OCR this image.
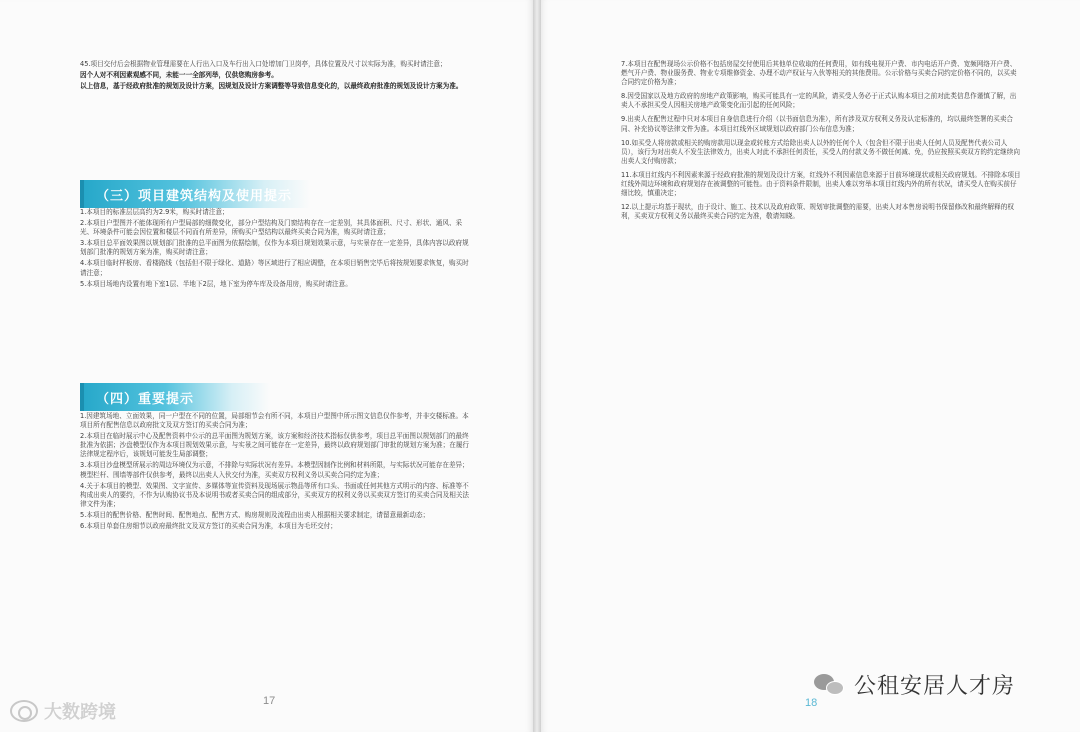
45.项目交付后会根据物业管理需要在人行出入口及车行出入口处增加门卫岗亭，具体位置及尺寸以实际为准，购买时请注意；

因个人对不利因素观感不同，未能一一全部列举，仅供您购房参考。

以上信息，基于经政府批准的规划及设计方案，因规划及设计方案调整等导致信息变化的，以最终政府批准的规划及设计方案为准。

（三）项目建筑结构及使用提示

1.本项目的标准层层高约为2.9米，购买时请注意；

2.本项目户型图并不能体现所有户型局部的细微变化，部分户型结构及门窗结构存在一定差别，其具体面积、尺寸、形状、通风、采光、环境条件可能会因位置和楼层不同而有所差异，所购买户型结构以最终买卖合同为准，购买时请注意；

3.本项目总平面效果图以规划部门批准的总平面图为依据绘制，仅作为本项目规划效果示意，与实景存在一定差异，具体内容以政府规划部门批准的规划方案为准，购买时请注意；

4.本项目临时样板房、看楼路线（包括但不限于绿化、道路）等区域进行了相应调整，在本项目销售完毕后将按规划要求恢复，购买时请注意；

5.本项目场地内设置有地下室1层、半地下2层，地下室为停车库及设备用房，购买时请注意。

（四）重要提示

1.因建筑场地、立面效果，同一户型在不同的位置，局部细节会有所不同，本项目户型图中所示图文信息仅作参考，并非交楼标准。本项目所有配售信息以政府批文及双方签订的买卖合同为准；

2.本项目在临时展示中心及配售资料中公示的总平面图为规划方案，该方案和经济技术指标仅供参考，项目总平面图以规划部门的最终批准为依据；沙盘模型仅作为本项目规划效果示意，与实景之间可能存在一定差异，最终以政府规划部门审批的规划方案为准；在履行法律规定程序后，该规划可能发生局部调整；

3.本项目沙盘模型所展示的周边环境仅为示意，不排除与实际状况有差异。本模型因制作比例和材料所限，与实际状况可能存在差异；模型栏杆、围墙等部件仅供参考，最终以出卖人入伙交付为准，买卖双方权利义务以买卖合同约定为准；

4.关于本项目的模型、效果图、文字宣传、多媒体等宣传资料及现场展示物品等所有口头、书面或任何其他方式明示的内容、标准等不构成出卖人的要约，不作为认购协议书及本说明书或者买卖合同的组成部分，买卖双方的权利义务以买卖双方签订的买卖合同及相关法律文件为准；

5.本项目的配售价格、配售时间、配售地点、配售方式、购房规则及流程由出卖人根据相关要求制定，请留意最新动态；

6.本项目单套住房细节以政府最终批文及双方签订的买卖合同为准，本项目为毛坯交付；

17

7.本项目在配售现场公示价格不包括房屋交付使用后其他单位收取的任何费用，如有线电视开户费、市内电话开户费、宽频网络开户费、燃气开户费、物业服务费、物业专项维修资金、办理不动产权证与入伙等相关的其他费用。公示价格与买卖合同约定价格不同的，以买卖合同约定价格为准；

8.因受国家以及地方政府的房地产政策影响，购买可能具有一定的风险，请买受人务必于正式认购本项目之前对此类信息作谨慎了解，出卖人不承担买受人因相关房地产政策变化而引起的任何风险；

9.出卖人在配售过程中只对本项目自身信息进行介绍（以书面信息为准），所有涉及双方权利义务及认定标准的，均以最终签署的买卖合同、补充协议等法律文件为准。本项目红线外区域规划以政府部门公布信息为准；

10.如买受人将房款或相关的购房款用以现金或转账方式给除出卖人以外的任何个人（包含但不限于出卖人任何人员及配售代表公司人员），该行为对出卖人不发生法律效力，出卖人对此不承担任何责任，买受人的付款义务不做任何减、免，仍应按照买卖双方的约定继续向出卖人支付购房款；

11.本项目红线内不利因素来源于经政府批准的规划及设计方案，红线外不利因素信息来源于目前环境现状或相关政府规划。不排除本项目红线外周边环境和政府规划存在被调整的可能性。由于资料条件限制，出卖人难以穷举本项目红线内外的所有状况，请买受人在购买前仔细比较，慎重决定；

12.以上提示均基于现状，由于设计、施工、技术以及政府政策、规划审批调整的需要，出卖人对本售房说明书保留修改和最终解释的权利，买卖双方权利义务以最终买卖合同约定为准，敬请知晓。

18
大数跨境
公租安居人才房
